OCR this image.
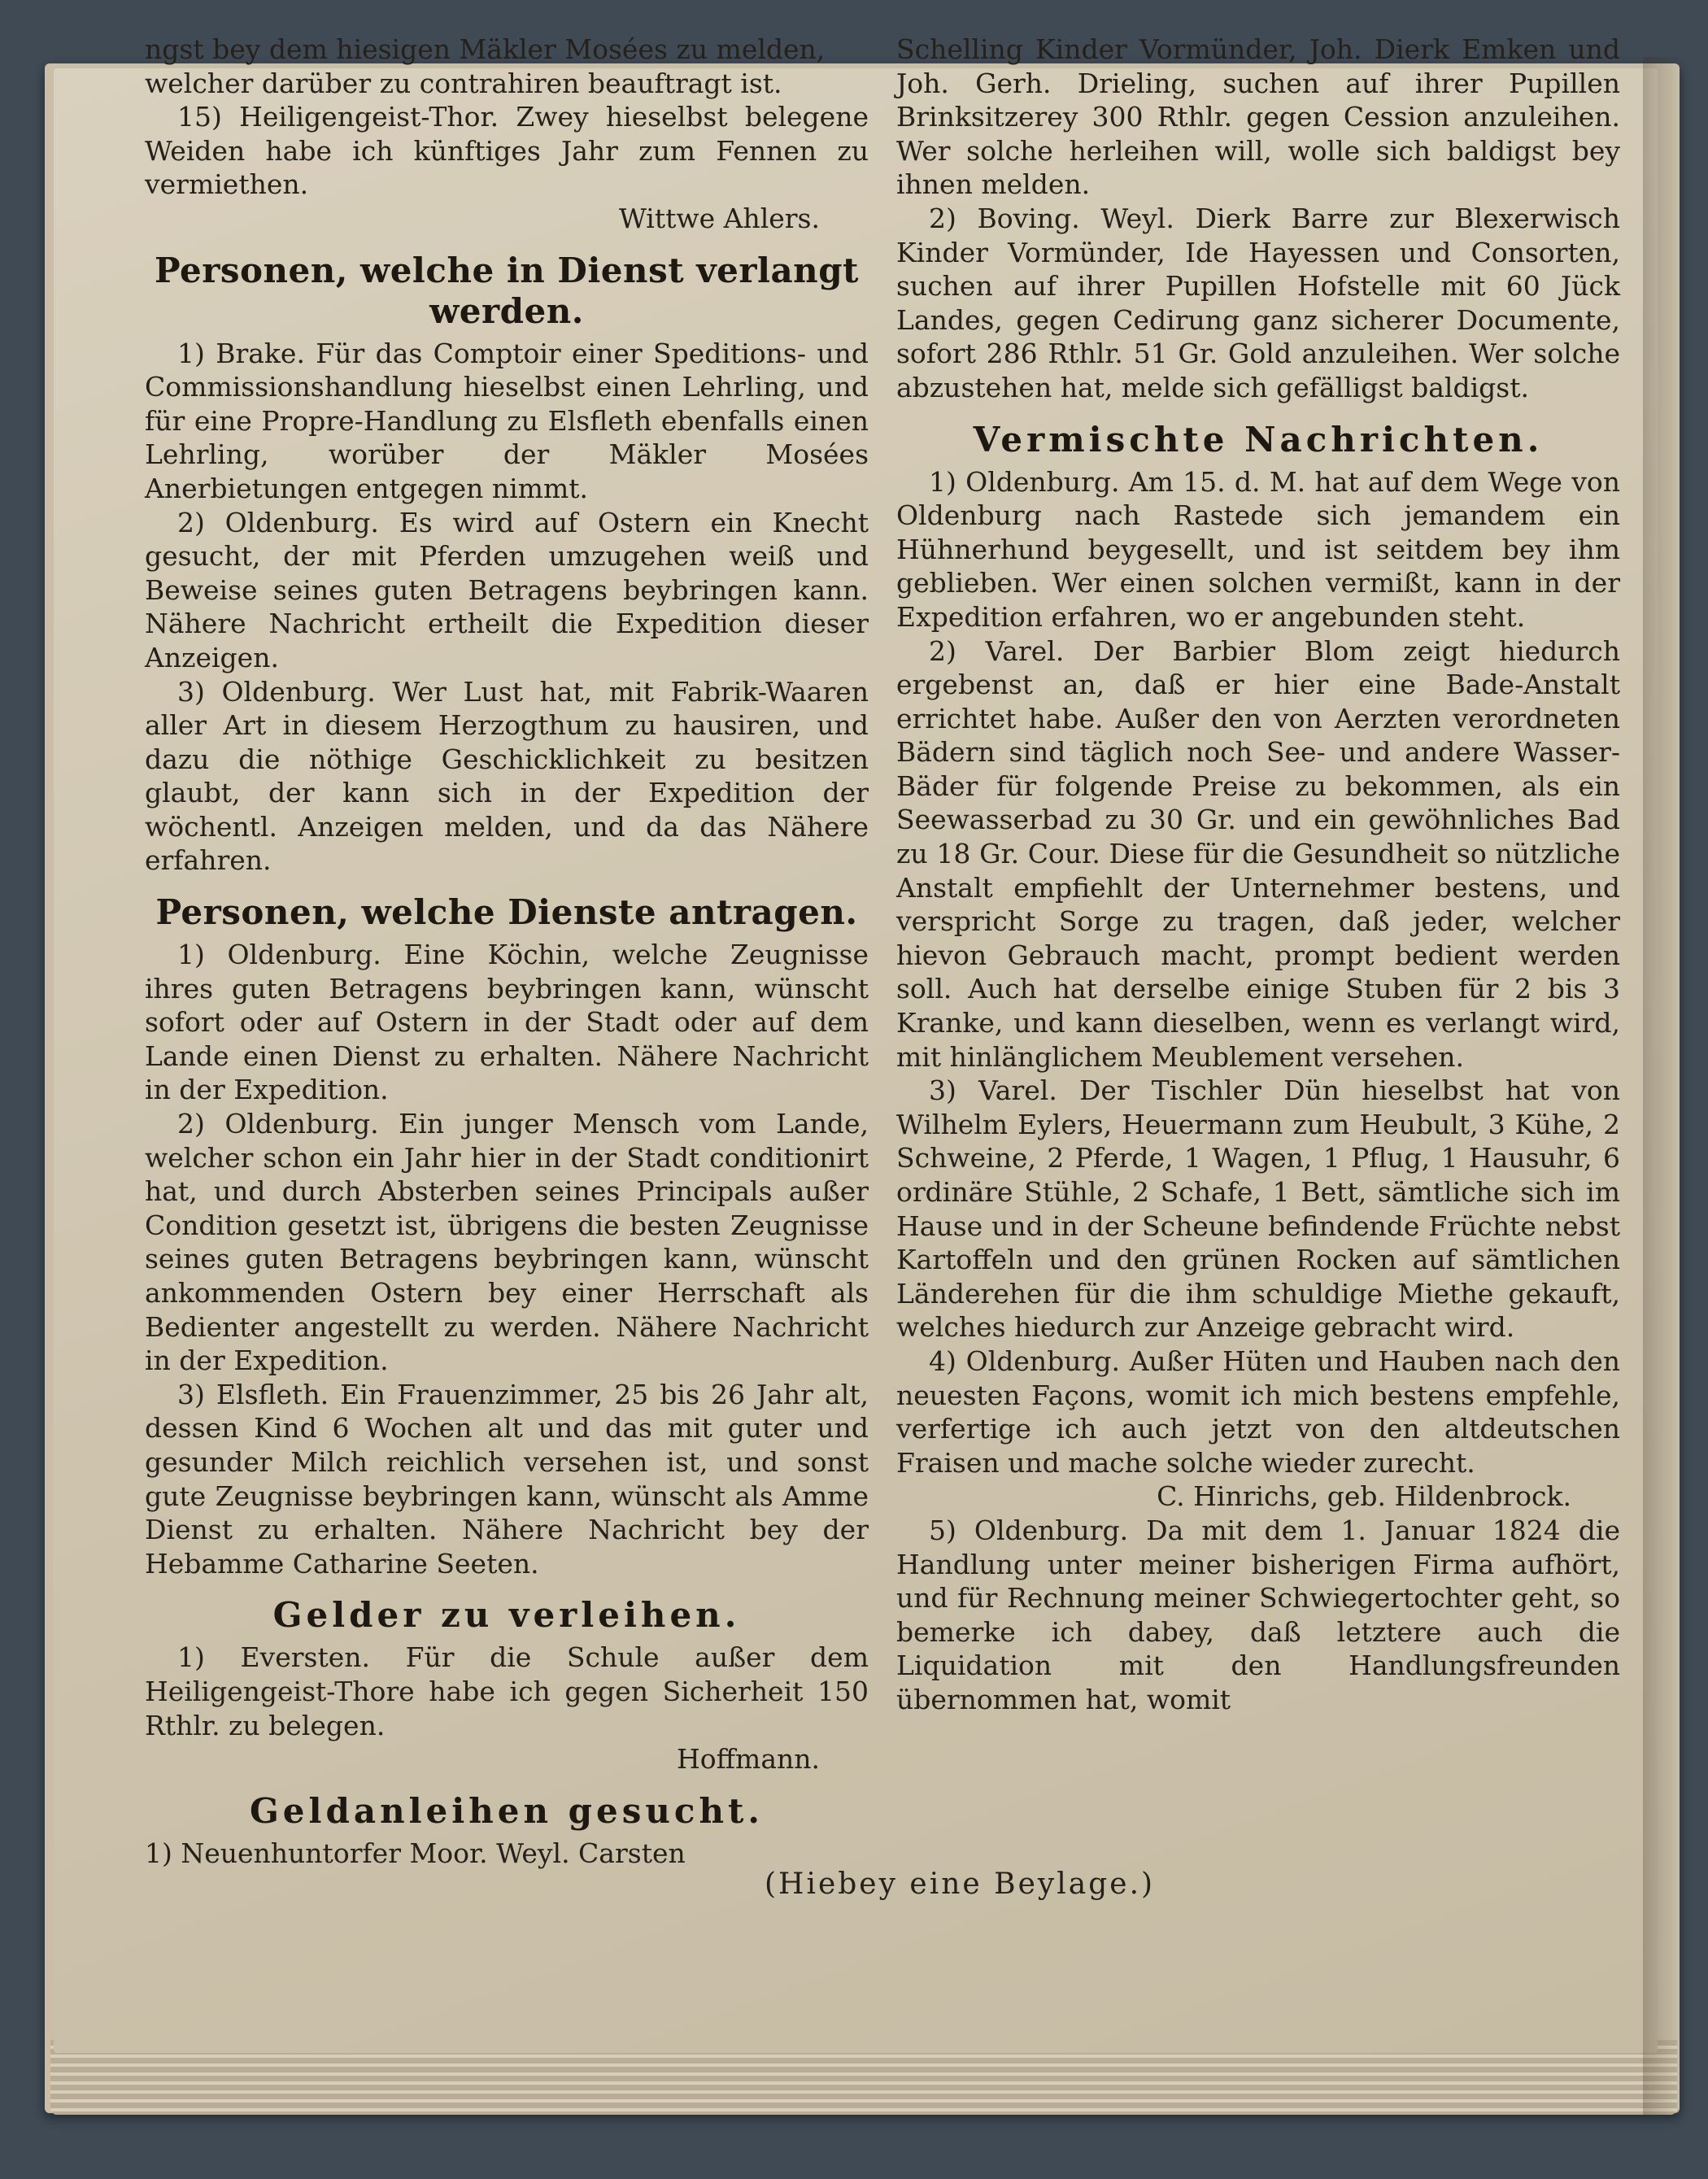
ngst bey dem hiesigen Mäkler Mosées zu melden,

welcher darüber zu contrahiren beauftragt ist.

15) Heiligengeist-Thor. Zwey hieselbst belegene Weiden habe ich künftiges Jahr zum Fennen zu vermiethen.

Wittwe Ahlers.

Personen, welche in Dienst verlangt werden.

1) Brake. Für das Comptoir einer Speditions- und Commissionshandlung hieselbst einen Lehrling, und für eine Propre-Handlung zu Elsfleth ebenfalls einen Lehrling, worüber der Mäkler Mosées Anerbietungen entgegen nimmt.

2) Oldenburg. Es wird auf Ostern ein Knecht gesucht, der mit Pferden umzugehen weiß und Beweise seines guten Betragens beybringen kann. Nähere Nachricht ertheilt die Expedition dieser Anzeigen.

3) Oldenburg. Wer Lust hat, mit Fabrik-Waaren aller Art in diesem Herzogthum zu hausiren, und dazu die nöthige Geschicklichkeit zu besitzen glaubt, der kann sich in der Expedition der wöchentl. Anzeigen melden, und da das Nähere erfahren.

Personen, welche Dienste antragen.

1) Oldenburg. Eine Köchin, welche Zeugnisse ihres guten Betragens beybringen kann, wünscht sofort oder auf Ostern in der Stadt oder auf dem Lande einen Dienst zu erhalten. Nähere Nachricht in der Expedition.

2) Oldenburg. Ein junger Mensch vom Lande, welcher schon ein Jahr hier in der Stadt conditionirt hat, und durch Absterben seines Principals außer Condition gesetzt ist, übrigens die besten Zeugnisse seines guten Betragens beybringen kann, wünscht ankommenden Ostern bey einer Herrschaft als Bedienter angestellt zu werden. Nähere Nachricht in der Expedition.

3) Elsfleth. Ein Frauenzimmer, 25 bis 26 Jahr alt, dessen Kind 6 Wochen alt und das mit guter und gesunder Milch reichlich versehen ist, und sonst gute Zeugnisse beybringen kann, wünscht als Amme Dienst zu erhalten. Nähere Nachricht bey der Hebamme Catharine Seeten.

Gelder zu verleihen.

1) Eversten. Für die Schule außer dem Heiligengeist-Thore habe ich gegen Sicherheit 150 Rthlr. zu belegen.

Hoffmann.

Geldanleihen gesucht.

1) Neuenhuntorfer Moor. Weyl. Carsten

Schelling Kinder Vormünder, Joh. Dierk Emken und Joh. Gerh. Drieling, suchen auf ihrer Pupillen Brinksitzerey 300 Rthlr. gegen Cession anzuleihen. Wer solche herleihen will, wolle sich baldigst bey ihnen melden.

2) Boving. Weyl. Dierk Barre zur Blexerwisch Kinder Vormünder, Ide Hayessen und Consorten, suchen auf ihrer Pupillen Hofstelle mit 60 Jück Landes, gegen Cedirung ganz sicherer Documente, sofort 286 Rthlr. 51 Gr. Gold anzuleihen. Wer solche abzustehen hat, melde sich gefälligst baldigst.

Vermischte Nachrichten.

1) Oldenburg. Am 15. d. M. hat auf dem Wege von Oldenburg nach Rastede sich jemandem ein Hühnerhund beygesellt, und ist seitdem bey ihm geblieben. Wer einen solchen vermißt, kann in der Expedition erfahren, wo er angebunden steht.

2) Varel. Der Barbier Blom zeigt hiedurch ergebenst an, daß er hier eine Bade-Anstalt errichtet habe. Außer den von Aerzten verordneten Bädern sind täglich noch See- und andere Wasser-Bäder für folgende Preise zu bekommen, als ein Seewasserbad zu 30 Gr. und ein gewöhnliches Bad zu 18 Gr. Cour. Diese für die Gesundheit so nützliche Anstalt empfiehlt der Unternehmer bestens, und verspricht Sorge zu tragen, daß jeder, welcher hievon Gebrauch macht, prompt bedient werden soll. Auch hat derselbe einige Stuben für 2 bis 3 Kranke, und kann dieselben, wenn es verlangt wird, mit hinlänglichem Meublement versehen.

3) Varel. Der Tischler Dün hieselbst hat von Wilhelm Eylers, Heuermann zum Heubult, 3 Kühe, 2 Schweine, 2 Pferde, 1 Wagen, 1 Pflug, 1 Hausuhr, 6 ordinäre Stühle, 2 Schafe, 1 Bett, sämtliche sich im Hause und in der Scheune befindende Früchte nebst Kartoffeln und den grünen Rocken auf sämtlichen Länderehen für die ihm schuldige Miethe gekauft, welches hiedurch zur Anzeige gebracht wird.

4) Oldenburg. Außer Hüten und Hauben nach den neuesten Façons, womit ich mich bestens empfehle, verfertige ich auch jetzt von den altdeutschen Fraisen und mache solche wieder zurecht.

C. Hinrichs, geb. Hildenbrock.

5) Oldenburg. Da mit dem 1. Januar 1824 die Handlung unter meiner bisherigen Firma aufhört, und für Rechnung meiner Schwiegertochter geht, so bemerke ich dabey, daß letztere auch die Liquidation mit den Handlungsfreunden übernommen hat, womit

(Hiebey eine Beylage.)
